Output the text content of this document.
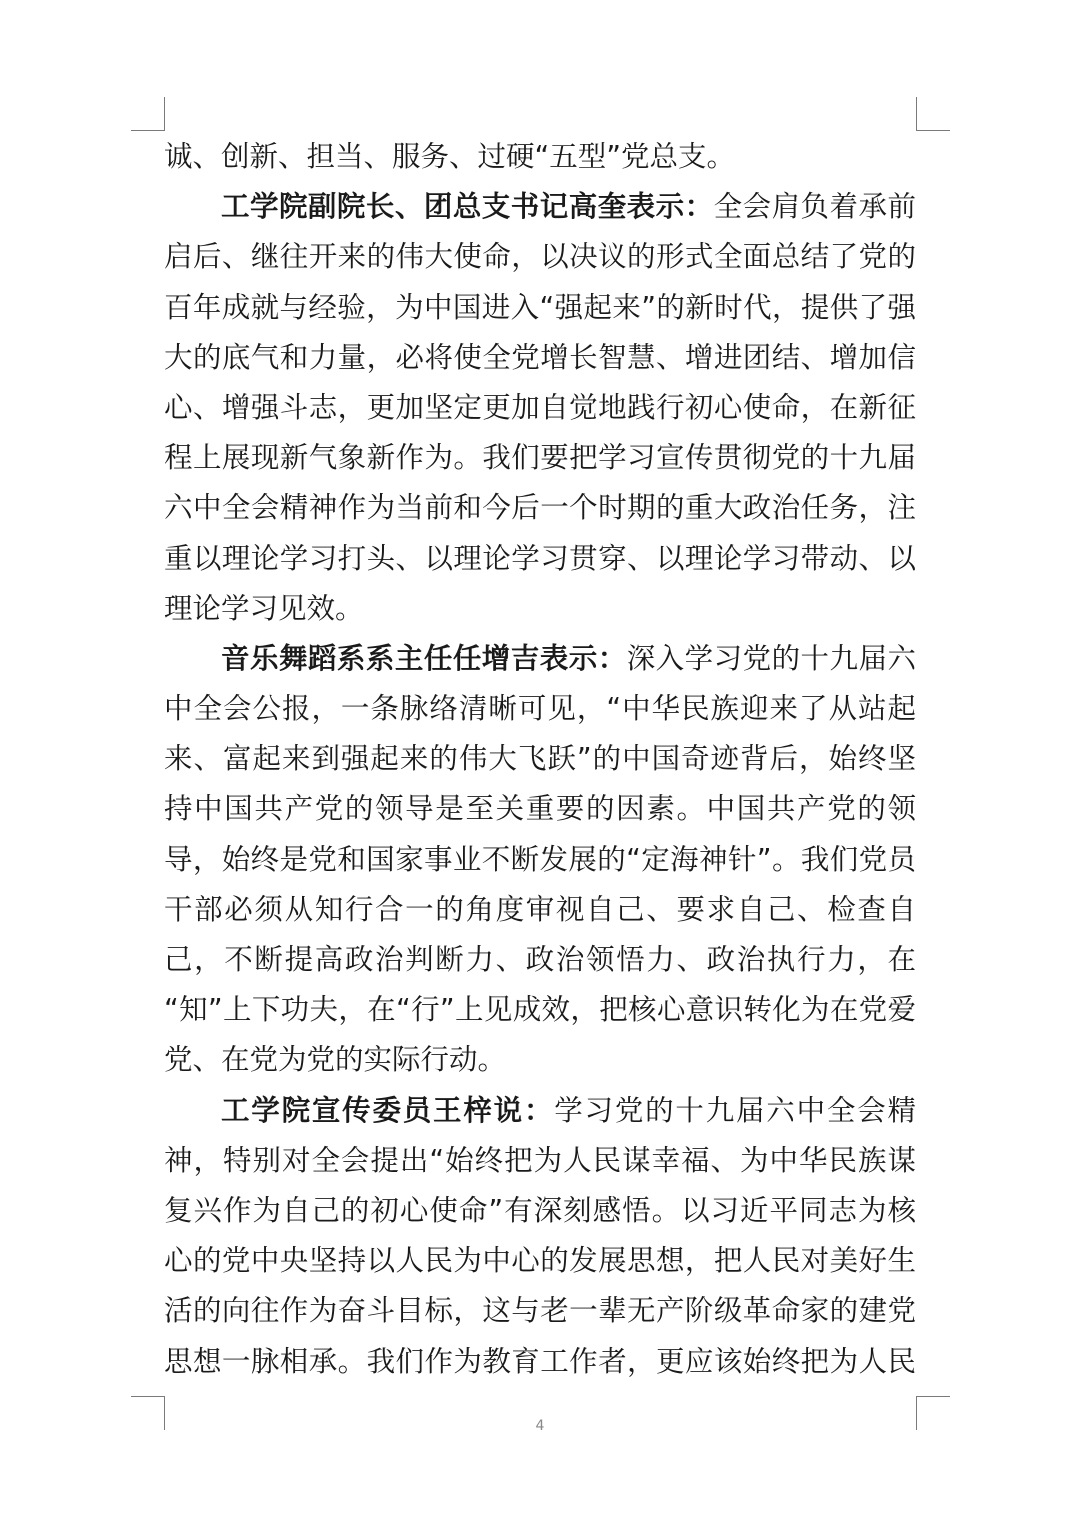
诚、创新、担当、服务、过硬“五型”党总支。
工学院副院长、团总支书记高奎表示：全会肩负着承前
启后、继往开来的伟大使命，以决议的形式全面总结了党的
百年成就与经验，为中国进入“强起来”的新时代，提供了强
大的底气和力量，必将使全党增长智慧、增进团结、增加信
心、增强斗志，更加坚定更加自觉地践行初心使命，在新征
程上展现新气象新作为。我们要把学习宣传贯彻党的十九届
六中全会精神作为当前和今后一个时期的重大政治任务，注
重以理论学习打头、以理论学习贯穿、以理论学习带动、以
理论学习见效。
音乐舞蹈系系主任任增吉表示：深入学习党的十九届六
中全会公报，一条脉络清晰可见，“中华民族迎来了从站起
来、富起来到强起来的伟大飞跃”的中国奇迹背后，始终坚
持中国共产党的领导是至关重要的因素。中国共产党的领
导，始终是党和国家事业不断发展的“定海神针”。我们党员
干部必须从知行合一的角度审视自己、要求自己、检查自
己，不断提高政治判断力、政治领悟力、政治执行力，在
“知”上下功夫，在“行”上见成效，把核心意识转化为在党爱
党、在党为党的实际行动。
工学院宣传委员王梓说：学习党的十九届六中全会精
神，特别对全会提出“始终把为人民谋幸福、为中华民族谋
复兴作为自己的初心使命”有深刻感悟。以习近平同志为核
心的党中央坚持以人民为中心的发展思想，把人民对美好生
活的向往作为奋斗目标，这与老一辈无产阶级革命家的建党
思想一脉相承。我们作为教育工作者，更应该始终把为人民
4
